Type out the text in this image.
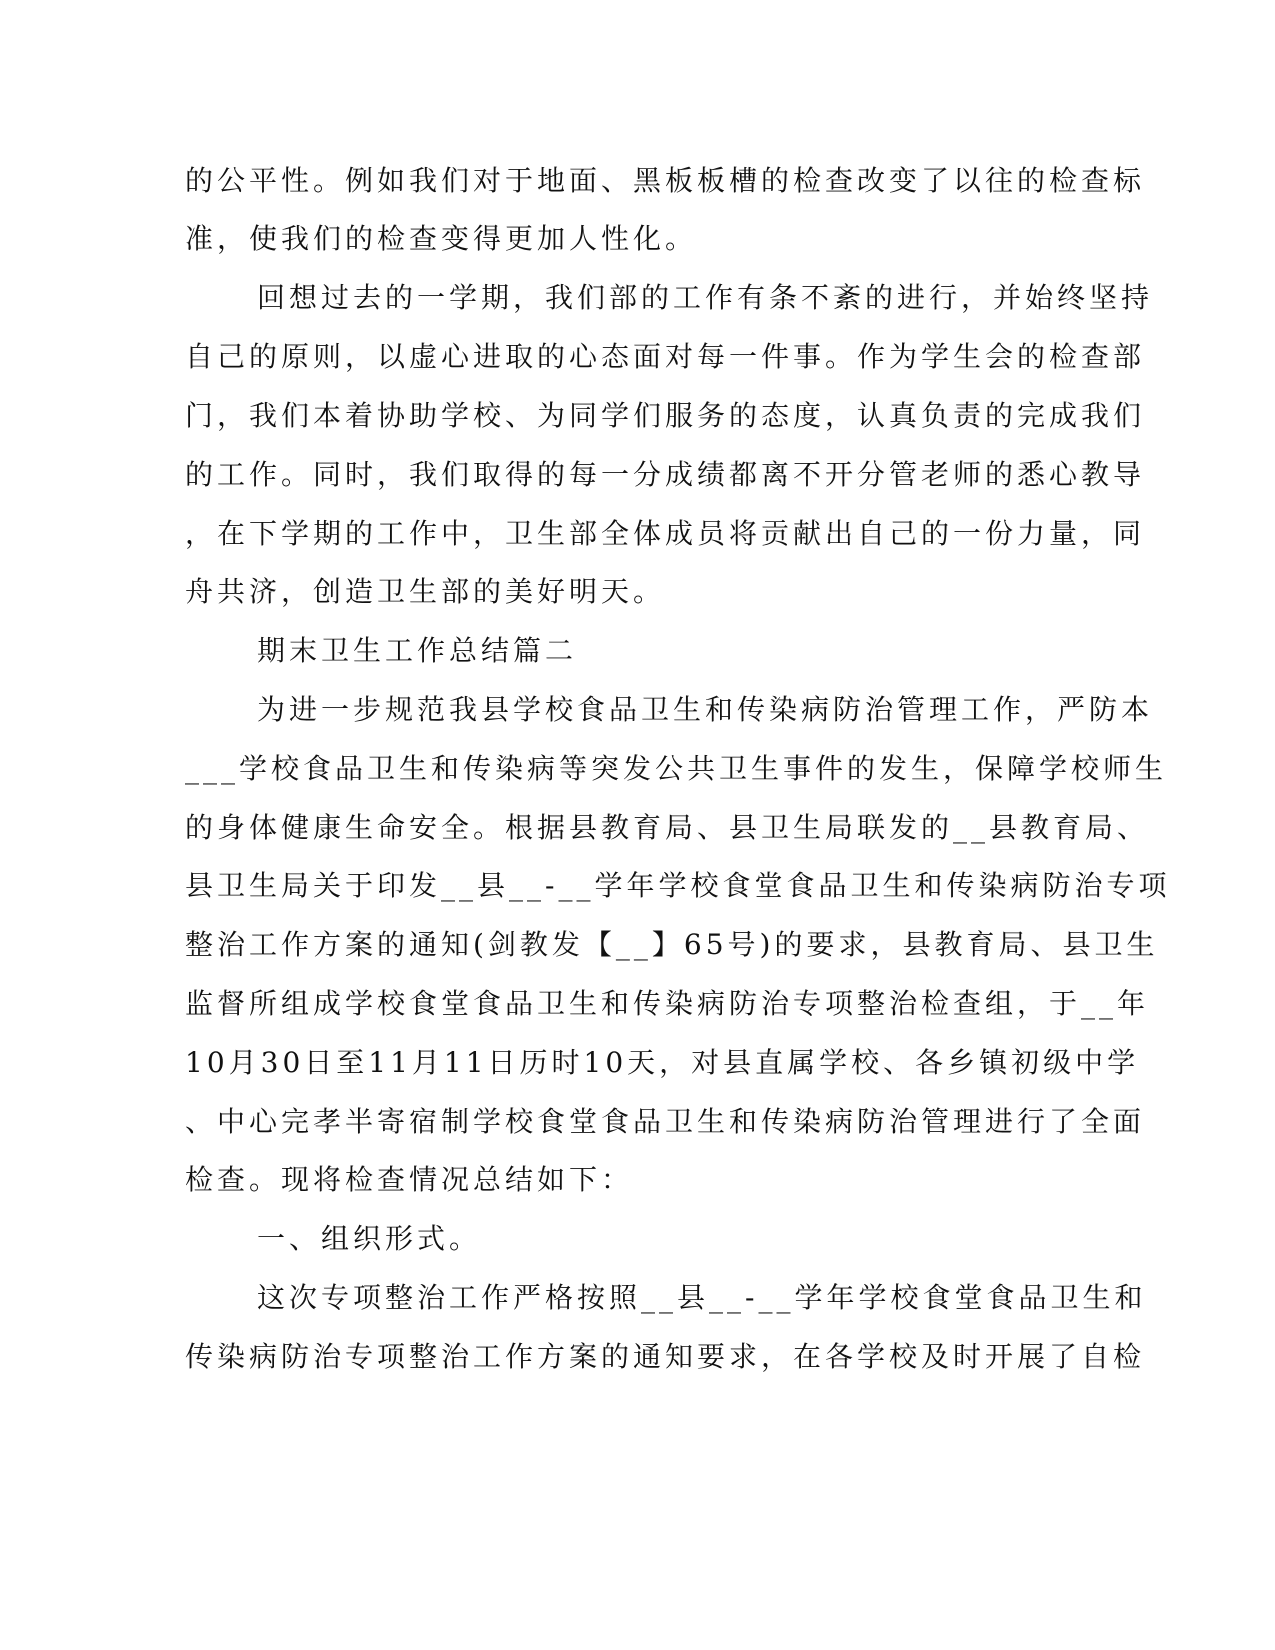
的公平性。例如我们对于地面、黑板板槽的检查改变了以往的检查标
准，使我们的检查变得更加人性化。
回想过去的一学期，我们部的工作有条不紊的进行，并始终坚持
自己的原则，以虚心进取的心态面对每一件事。作为学生会的检查部
门，我们本着协助学校、为同学们服务的态度，认真负责的完成我们
的工作。同时，我们取得的每一分成绩都离不开分管老师的悉心教导
，在下学期的工作中，卫生部全体成员将贡献出自己的一份力量，同
舟共济，创造卫生部的美好明天。
期末卫生工作总结篇二
为进一步规范我县学校食品卫生和传染病防治管理工作，严防本
___学校食品卫生和传染病等突发公共卫生事件的发生，保障学校师生
的身体健康生命安全。根据县教育局、县卫生局联发的__县教育局、
县卫生局关于印发__县__-__学年学校食堂食品卫生和传染病防治专项
整治工作方案的通知(剑教发【__】65号)的要求，县教育局、县卫生
监督所组成学校食堂食品卫生和传染病防治专项整治检查组，于__年
10月30日至11月11日历时10天，对县直属学校、各乡镇初级中学
、中心完孝半寄宿制学校食堂食品卫生和传染病防治管理进行了全面
检查。现将检查情况总结如下：
一、组织形式。
这次专项整治工作严格按照__县__-__学年学校食堂食品卫生和
传染病防治专项整治工作方案的通知要求，在各学校及时开展了自检
